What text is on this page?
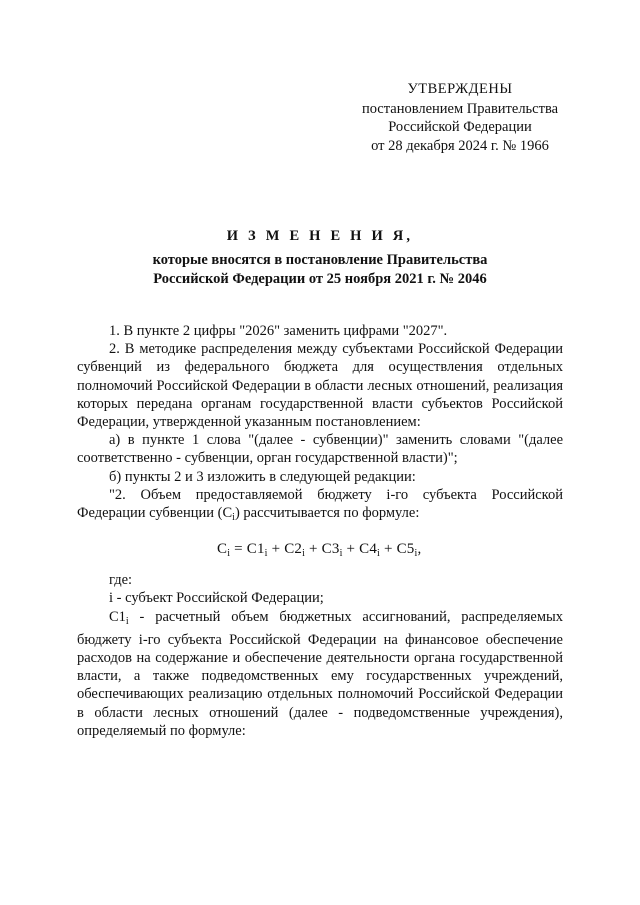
УТВЕРЖДЕНЫ
постановлением Правительства
Российской Федерации
от 28 декабря 2024 г. № 1966
И З М Е Н Е Н И Я,
которые вносятся в постановление Правительства
Российской Федерации от 25 ноября 2021 г. № 2046

1. В пункте 2 цифры "2026" заменить цифрами "2027".

2. В методике распределения между субъектами Российской Федерации субвенций из федерального бюджета для осуществления отдельных полномочий Российской Федерации в области лесных отношений, реализация которых передана органам государственной власти субъектов Российской Федерации, утвержденной указанным постановлением:

а) в пункте 1 слова "(далее - субвенции)" заменить словами "(далее соответственно - субвенции, орган государственной власти)";

б) пункты 2 и 3 изложить в следующей редакции:

"2. Объем предоставляемой бюджету i-го субъекта Российской Федерации субвенции $(C_i)$ рассчитывается по формуле:

$C_i = C1_i + C2_i + C3_i + C4_i + C5_i$,

где:

i - субъект Российской Федерации;

$C1_i$ - расчетный объем бюджетных ассигнований, распределяемых бюджету i-го субъекта Российской Федерации на финансовое обеспечение расходов на содержание и обеспечение деятельности органа государственной власти, а также подведомственных ему государственных учреждений, обеспечивающих реализацию отдельных полномочий Российской Федерации в области лесных отношений (далее - подведомственные учреждения), определяемый по формуле:
